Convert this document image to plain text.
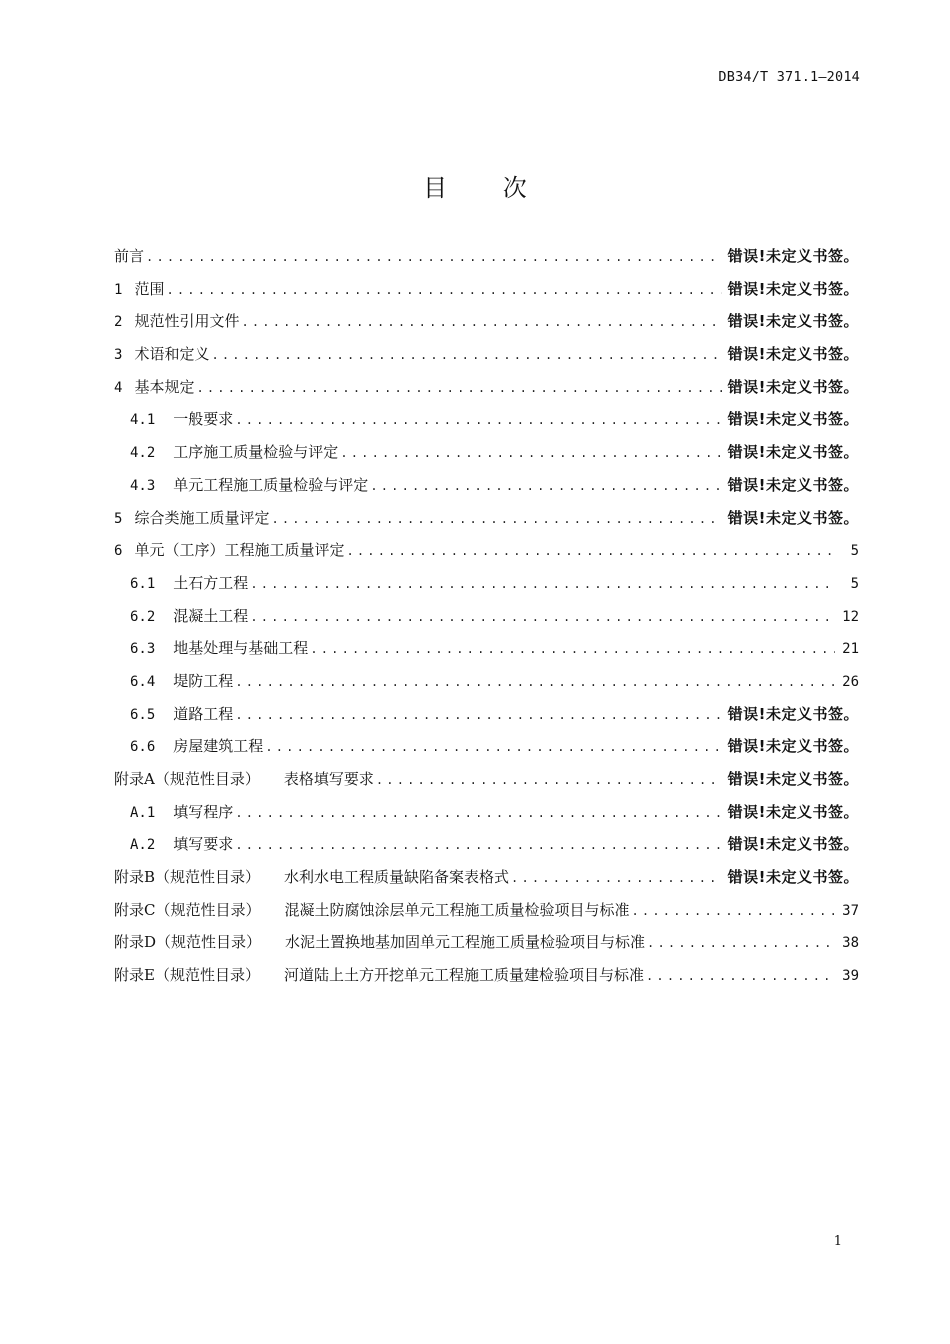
DB34/T 371.1—2014
目 次
前言 .....	错误!未定义书签。
1 范围 .....	错误!未定义书签。
2 规范性引用文件 .....	错误!未定义书签。
3 术语和定义 .....	错误!未定义书签。
4 基本规定 .....	错误!未定义书签。
4.1 一般要求 .....	错误!未定义书签。
4.2 工序施工质量检验与评定 .....	错误!未定义书签。
4.3 单元工程施工质量检验与评定 .....	错误!未定义书签。
5 综合类施工质量评定 .....	错误!未定义书签。
6 单元（工序）工程施工质量评定 .....	5
6.1 土石方工程 .....	5
6.2 混凝土工程 .....	12
6.3 地基处理与基础工程 .....	21
6.4 堤防工程 .....	26
6.5 道路工程 .....	错误!未定义书签。
6.6 房屋建筑工程 .....	错误!未定义书签。
附录A（规范性目录） 表格填写要求 .....	错误!未定义书签。
A.1 填写程序 .....	错误!未定义书签。
A.2 填写要求 .....	错误!未定义书签。
附录B（规范性目录） 水利水电工程质量缺陷备案表格式 .....	错误!未定义书签。
附录C（规范性目录） 混凝土防腐蚀涂层单元工程施工质量检验项目与标准 .....	37
附录D（规范性目录） 水泥土置换地基加固单元工程施工质量检验项目与标准 .....	38
附录E（规范性目录） 河道陆上土方开挖单元工程施工质量建检验项目与标准 .....	39
1
